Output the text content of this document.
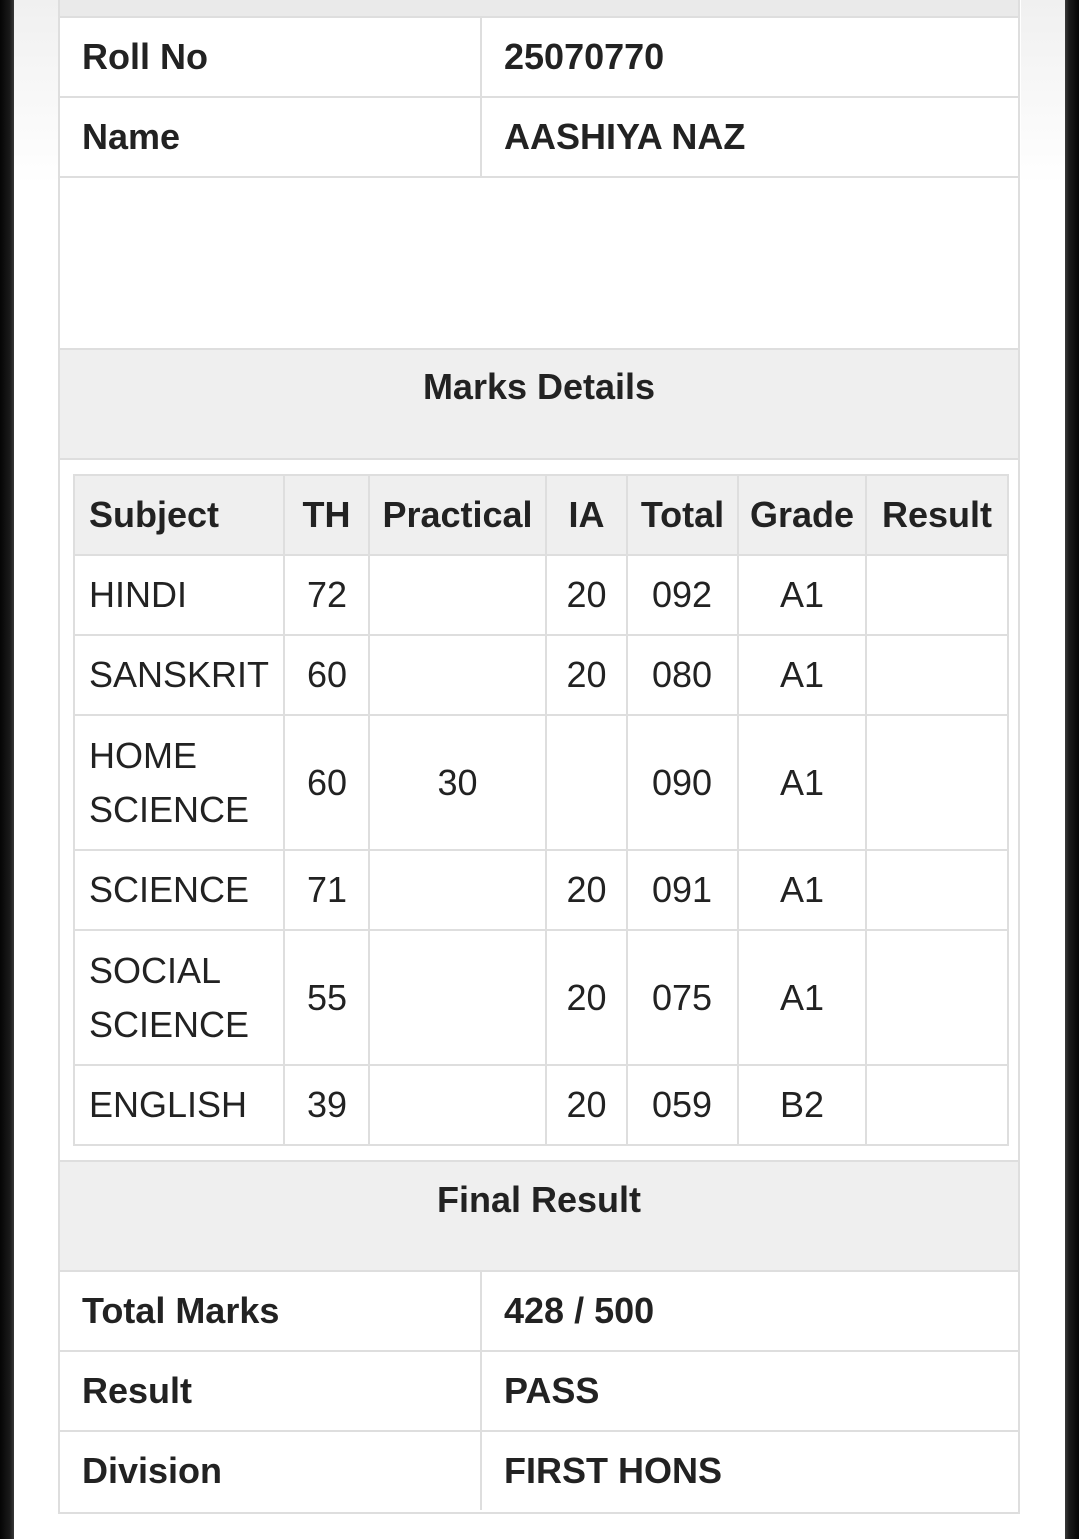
Roll No	25070770
Name	AASHIYA NAZ
Marks Details
Subject	TH	Practical	IA	Total	Grade	Result
HINDI	72		20	092	A1	
SANSKRIT	60		20	080	A1	
HOME SCIENCE	60	30		090	A1	
SCIENCE	71		20	091	A1	
SOCIAL SCIENCE	55		20	075	A1	
ENGLISH	39		20	059	B2	
Final Result
Total Marks	428 / 500
Result	PASS
Division	FIRST HONS
